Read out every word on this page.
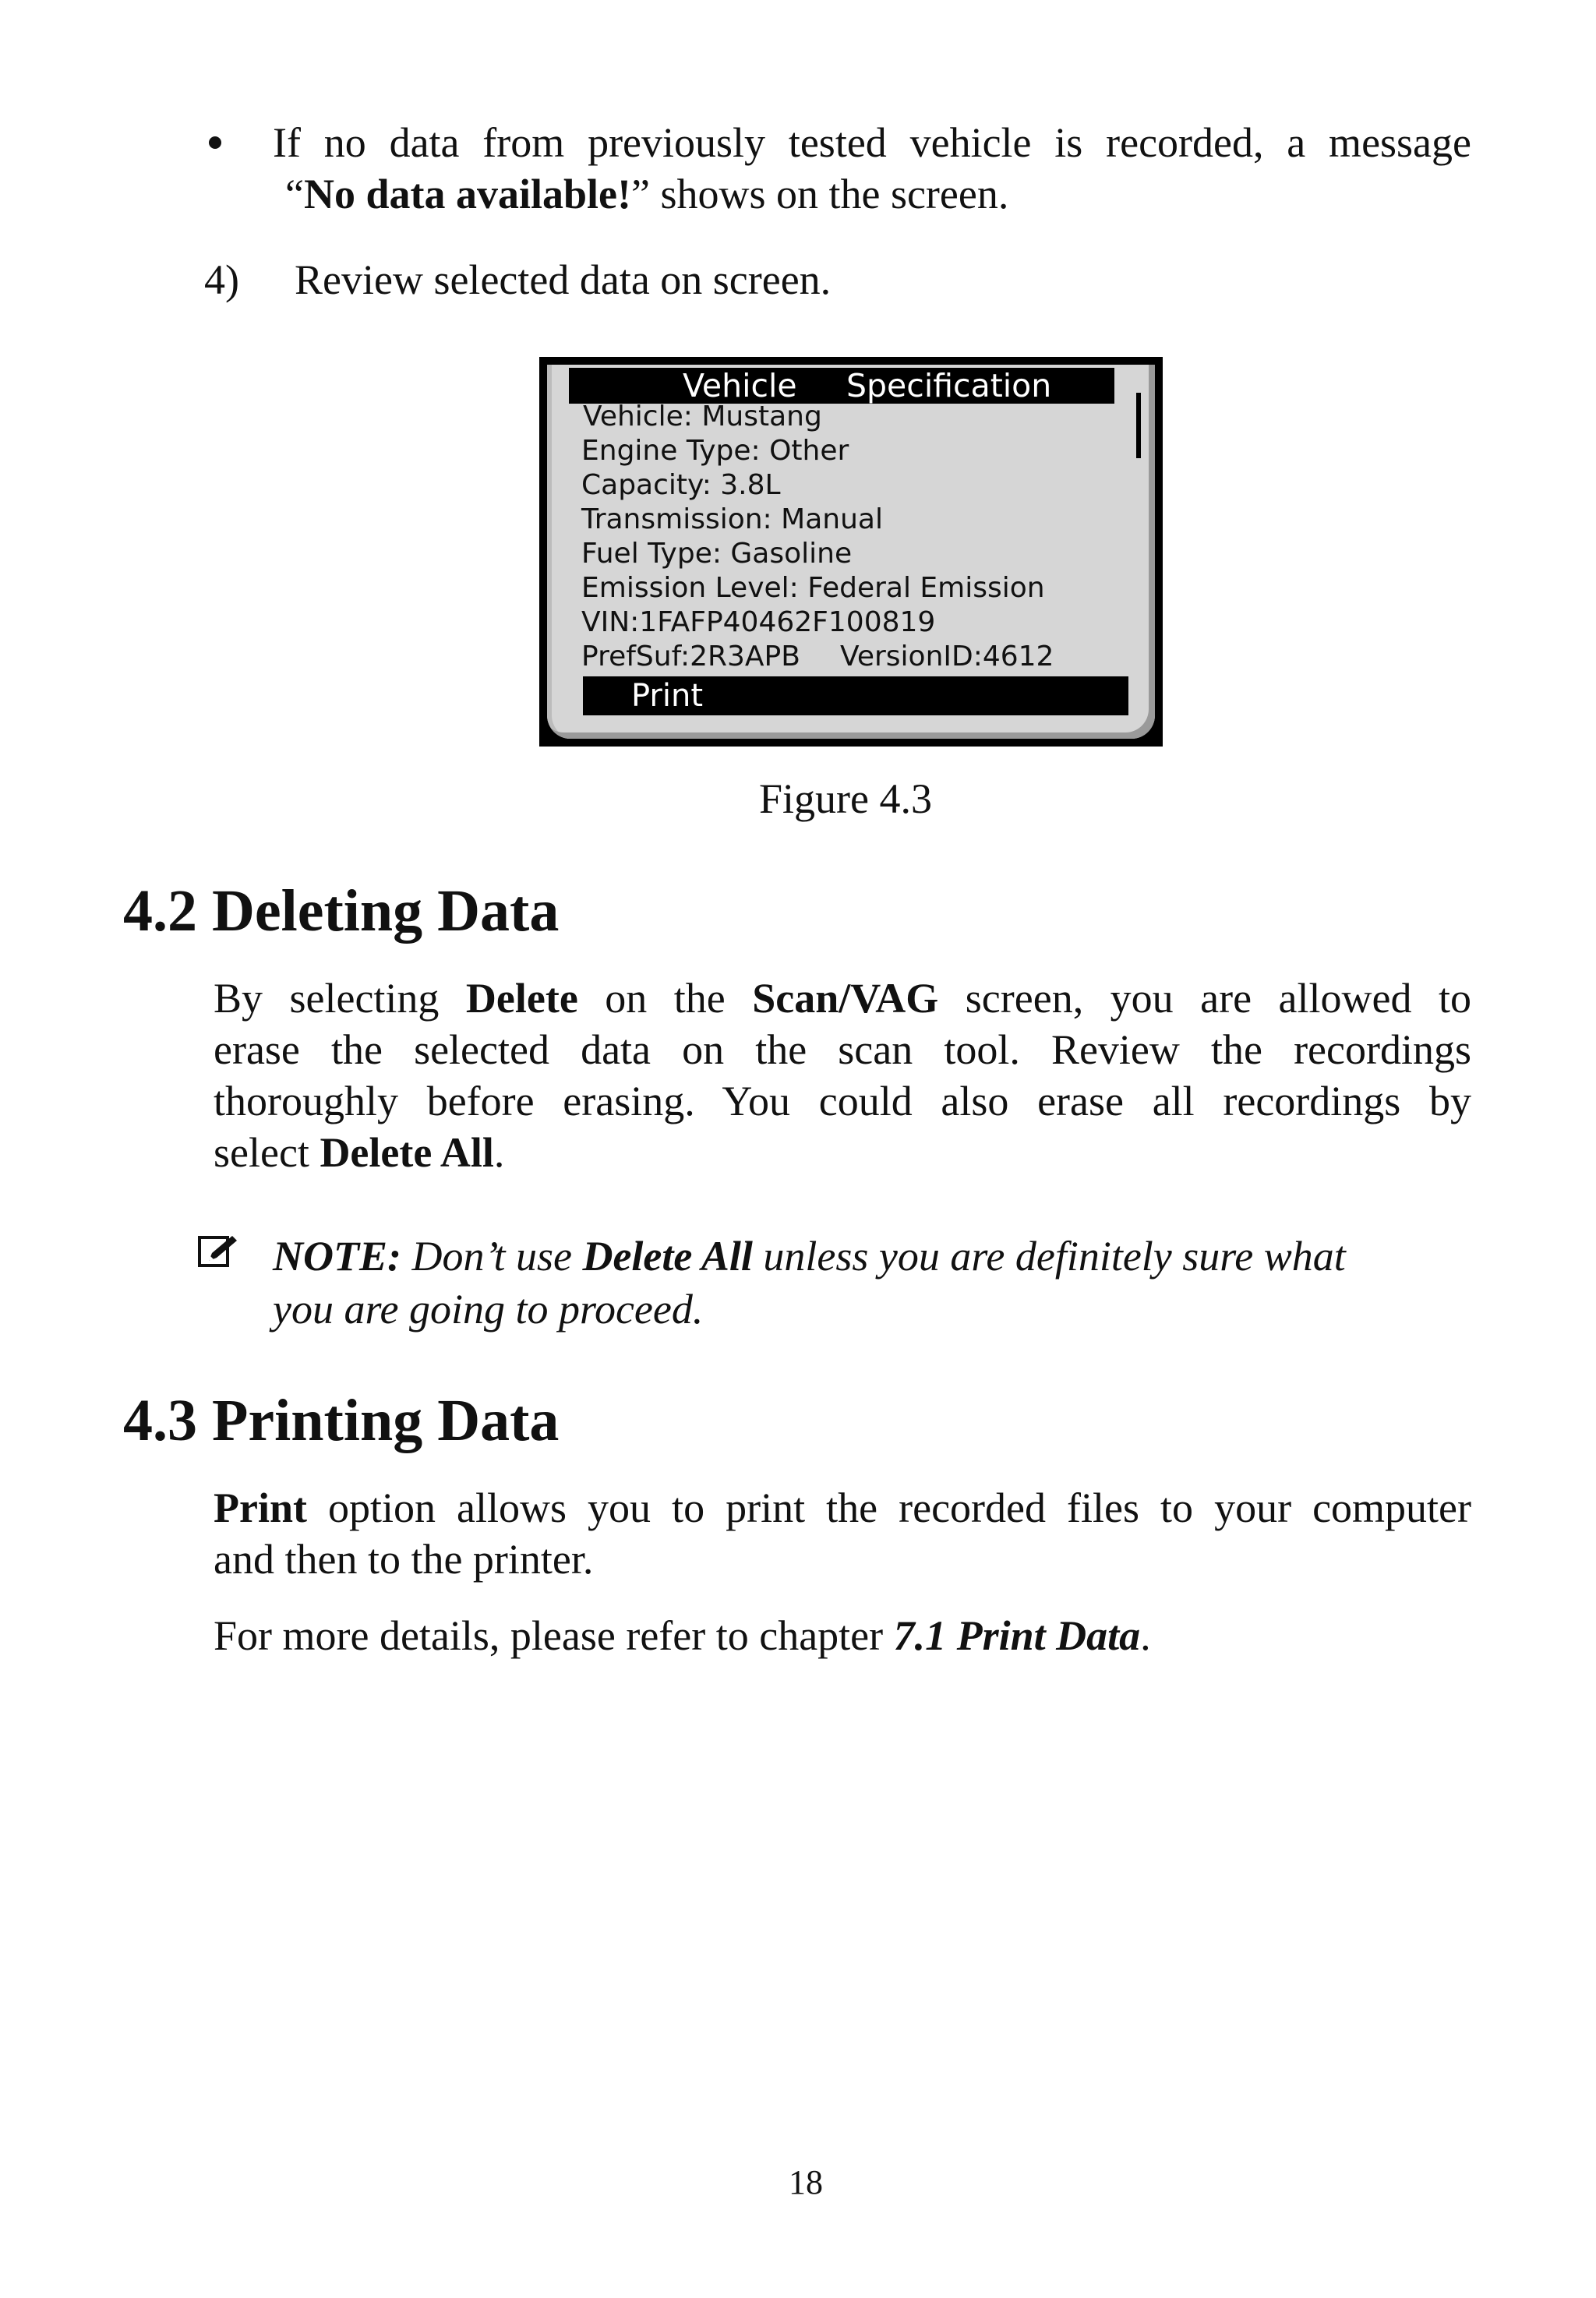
If no data from previously tested vehicle is recorded, a message
“No data available!” shows on the screen.
4) Review selected data on screen.
Vehicle Specification
Vehicle: Mustang
Engine Type: Other
Capacity: 3.8L
Transmission: Manual
Fuel Type: Gasoline
Emission Level: Federal Emission
VIN:1FAFP40462F100819
PrefSuf:2R3APB VersionID:4612
Print
Figure 4.3
4.2 Deleting Data
By selecting Delete on the Scan/VAG screen, you are allowed to
erase the selected data on the scan tool. Review the recordings
thoroughly before erasing. You could also erase all recordings by
select Delete All.
NOTE: Don’t use Delete All unless you are definitely sure what
you are going to proceed.
4.3 Printing Data
Print option allows you to print the recorded files to your computer
and then to the printer.
For more details, please refer to chapter 7.1 Print Data.
18
